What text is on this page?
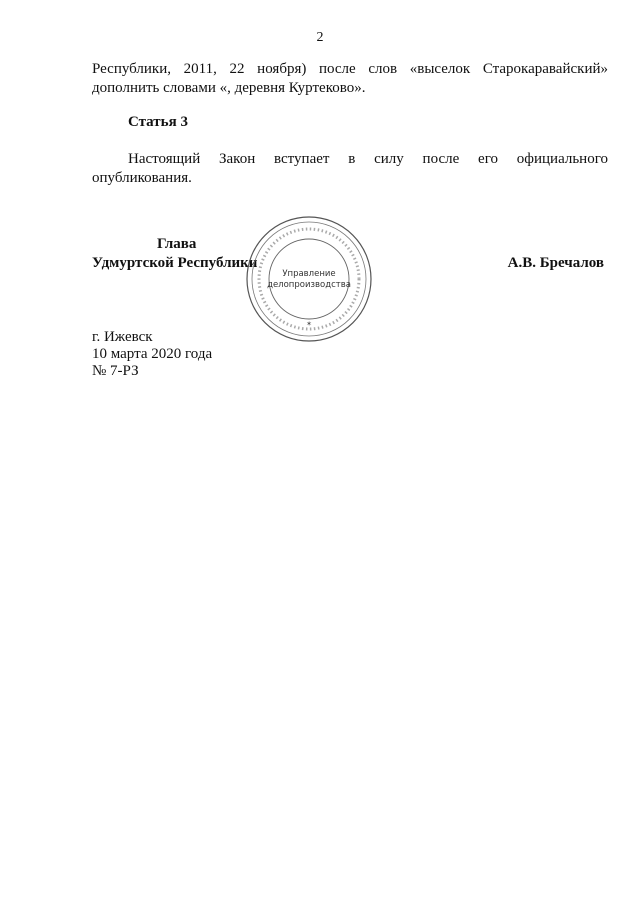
2

Республики, 2011, 22 ноября) после слов «выселок Старокаравайский»
дополнить словами «, деревня Куртеково».

Статья 3

Настоящий Закон вступает в силу после его официального
опубликования.

Глава
Удмуртской Республики	А.В. Бречалов
Управление
делопроизводства
✶
г. Ижевск
10 марта 2020 года
№ 7-РЗ
